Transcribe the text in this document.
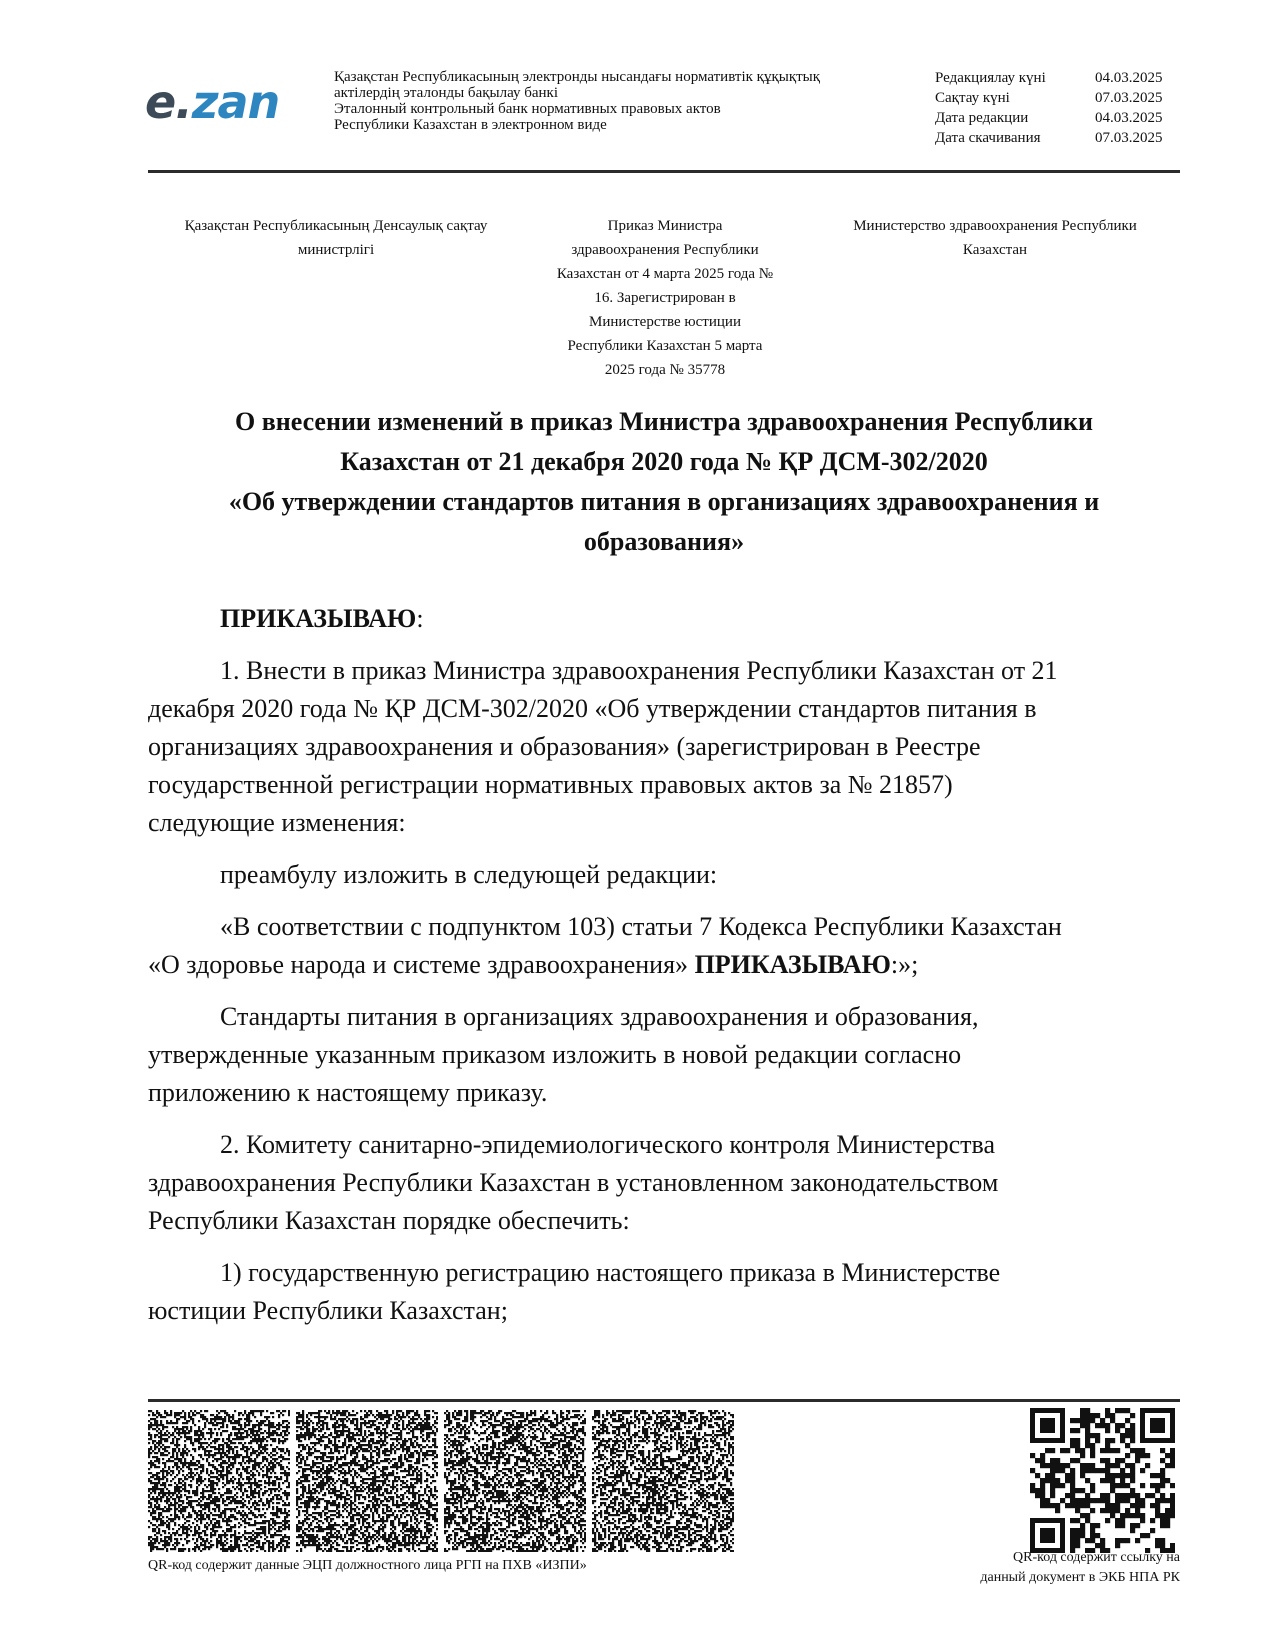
e.zan	Қазақстан Республикасының электронды нысандағы нормативтік құқықтық
актілердің эталонды бақылау банкі
Эталонный контрольный банк нормативных правовых актов
Республики Казахстан в электронном виде
Редакциялау күні	04.03.2025
Сақтау күні	07.03.2025
Дата редакции	04.03.2025
Дата скачивания	07.03.2025
Қазақстан Республикасының Денсаулық сақтау
министрлігі
Приказ Министра
здравоохранения Республики
Казахстан от 4 марта 2025 года №
16. Зарегистрирован в
Министерстве юстиции
Республики Казахстан 5 марта
2025 года № 35778
Министерство здравоохранения Республики
Казахстан
О внесении изменений в приказ Министра здравоохранения Республики
Казахстан от 21 декабря 2020 года № ҚР ДСМ-302/2020
«Об утверждении стандартов питания в организациях здравоохранения и
образования»

ПРИКАЗЫВАЮ:

1. Внести в приказ Министра здравоохранения Республики Казахстан от 21
декабря 2020 года № ҚР ДСМ-302/2020 «Об утверждении стандартов питания в
организациях здравоохранения и образования» (зарегистрирован в Реестре
государственной регистрации нормативных правовых актов за № 21857)
следующие изменения:
преамбулу изложить в следующей редакции:
«В соответствии с подпунктом 103) статьи 7 Кодекса Республики Казахстан
«О здоровье народа и системе здравоохранения» ПРИКАЗЫВАЮ:»;
Стандарты питания в организациях здравоохранения и образования,
утвержденные указанным приказом изложить в новой редакции согласно
приложению к настоящему приказу.
2. Комитету санитарно-эпидемиологического контроля Министерства
здравоохранения Республики Казахстан в установленном законодательством
Республики Казахстан порядке обеспечить:
1) государственную регистрацию настоящего приказа в Министерстве
юстиции Республики Казахстан;
QR-код содержит данные ЭЦП должностного лица РГП на ПХВ «ИЗПИ»
QR-код содержит ссылку на
данный документ в ЭКБ НПА РК
